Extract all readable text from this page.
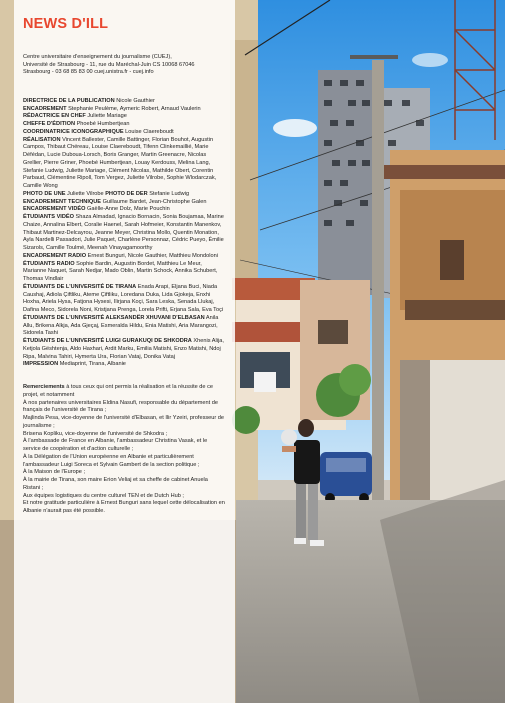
NEWS D'ILL
Centre universitaire d'enseignement du journalisme (CUEJ),
Université de Strasbourg - 11, rue du Maréchal-Juin CS 10068 67046
Strasbourg - 03 68 85 83 00 cuej.unistra.fr - cuej.info

DIRECTRICE DE LA PUBLICATION Nicole Gauthier

ENCADREMENT Stephanie Peulème, Aymeric Robert, Arnaud Vaulerin

RÉDACTRICE EN CHEF Juliette Mariage

CHEFFE D'ÉDITION Phoebé Humbertjean

COORDINATRICE ICONOGRAPHIQUE Louise Claereboudt

RÉALISATION Vincent Ballester, Camille Battinger, Florian Bouhot, Augustin Campos, Thibaut Chéreau, Louise Claereboudt, Tifenn Clinkemaillié, Marie Défédan, Lucie Duboua-Lorsch, Boris Granger, Martin Greenacre, Nicolas Grellier, Pierre Griner, Phoebé Humbertjean, Louay Kerdouss, Melina Lang, Stefanie Ludwig, Juliette Mariage, Clément Nicolas, Mathilde Obert, Corentin Parbaud, Clémentine Ripoll, Tom Vergez, Juliette Vilrobe, Sophie Wlodarczak, Camille Wong

PHOTO DE UNE Juliette Vilrobe PHOTO DE DER Stefanie Ludwig

ENCADREMENT TECHNIQUE Guillaume Bardet, Jean-Christophe Galen

ENCADREMENT VIDÉO Gaëlle-Anne Dolz, Marie Pouchin

ÉTUDIANTS VIDÉO Shaza Almadad, Ignacio Bornacin, Sonia Boujamaa, Marine Chaize, Annalina Elbert, Coralie Haenel, Sarah Hofmeier, Konstantin Manenkov, Thibaut Martinez-Delcayrou, Jeanne Meyer, Christina Mollo, Quentin Monation, Ayla Nardelli Passadori, Julie Paquet, Charlène Personnaz, Cédric Pueyo, Émilie Sizarols, Camille Toulmé, Meenah Vinayagamoorthy

ENCADREMENT RADIO Ernest Bunguri, Nicole Gauthier, Matthieu Mondoloni

ÉTUDIANTS RADIO Sophie Bardin, Augustin Bordet, Matthieu Le Meur, Marianne Naquet, Sarah Nedjar, Mado Oblin, Martin Schock, Annika Schubert, Thomas Vindlair

ÉTUDIANTS DE L'UNIVERSITÉ DE TIRANA Enada Arapi, Eljana Buci, Niada Caushaj, Adiola Çiftliku, Ateme Çiftliku, Loredana Duka, Lida Gjokeja, Enxhi Hoxha, Ariela Hysa, Fatjona Hysesi, Ilirjana Koçi, Sara Leska, Senada Llukaj, Dafina Meco, Sidorela Noni, Kristjana Prenga, Lorela Prifti, Erjana Sala, Eva Toçi

ÉTUDIANTS DE L'UNIVERSITÉ ALEKSANDËR XHUVANI D'ELBASAN Anila Allu, Brikena Alkja, Ada Gjeçaj, Esmeralda Hildu, Enia Matishi, Aria Marangozi, Sidorela Tashi

ÉTUDIANTS DE L'UNIVERSITÉ LUIGI GURAKUQI DE SHKODRA Xhenis Alija, Ketjola Gështenja, Aldo Haxhari, Ardit Marku, Emilia Matishi, Enzo Matishi, Ndoj Ripa, Malvina Tahiri, Hymerta Ura, Florian Vataj, Donika Vataj

IMPRESSION Mediaprint, Tirana, Albanie

Remerciements à tous ceux qui ont permis la réalisation et la réussite de ce projet, et notamment

À nos partenaires universitaires Eldina Nasufi, responsable du département de français de l'université de Tirana ;

Majlinda Pesa, vice-doyenne de l'université d'Elbasan, et Ilir Yzeiri, professeur de journalisme ;

Brisena Kopliku, vice-doyenne de l'université de Shkodra ;

À l'ambassade de France en Albanie, l'ambassadeur Christina Vasak, et le service de coopération et d'action culturelle ;

À la Délégation de l'Union européenne en Albanie et particulièrement l'ambassadeur Luigi Soreca et Sylvain Gambert de la section politique ;

À la Maison de l'Europe ;

À la mairie de Tirana, son maire Erion Veliaj et sa cheffe de cabinet Anuela Ristani ;

Aux équipes logistiques du centre culturel TEN et de Dutch Hub ;

Et notre gratitude particulière à Ernest Bunguri sans lequel cette délocalisation en Albanie n'aurait pas été possible.
